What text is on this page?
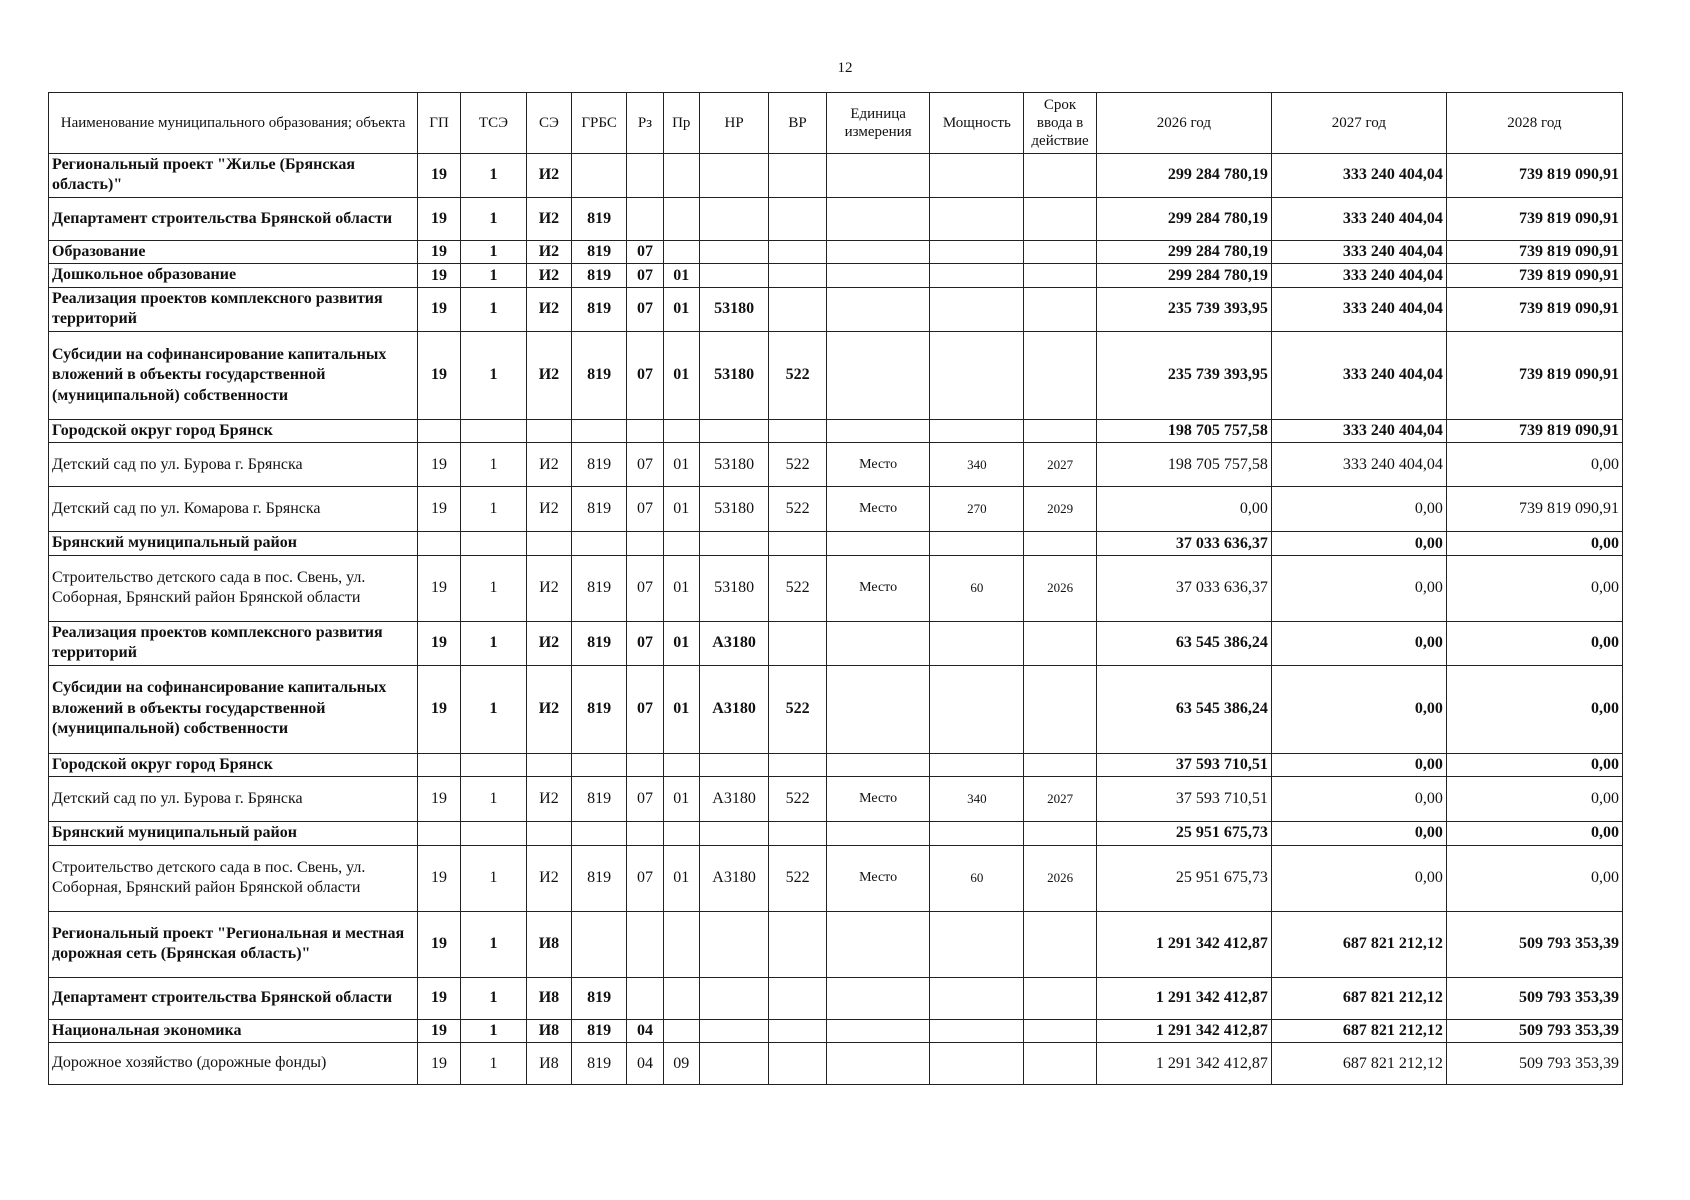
12
Наименование муниципального образования; объекта	ГП	ТСЭ	СЭ	ГРБС	Рз	Пр	НР	ВР	Единица измерения	Мощность	Срок ввода в действие	2026 год	2027 год	2028 год
Региональный проект "Жилье (Брянская область)"	19	1	И2									299 284 780,19	333 240 404,04	739 819 090,91
Департамент строительства Брянской области	19	1	И2	819								299 284 780,19	333 240 404,04	739 819 090,91
Образование	19	1	И2	819	07							299 284 780,19	333 240 404,04	739 819 090,91
Дошкольное образование	19	1	И2	819	07	01						299 284 780,19	333 240 404,04	739 819 090,91
Реализация проектов комплексного развития территорий	19	1	И2	819	07	01	53180					235 739 393,95	333 240 404,04	739 819 090,91
Субсидии на софинансирование капитальных вложений в объекты государственной (муниципальной) собственности	19	1	И2	819	07	01	53180	522				235 739 393,95	333 240 404,04	739 819 090,91
Городской округ город Брянск												198 705 757,58	333 240 404,04	739 819 090,91
Детский сад по ул. Бурова г. Брянска	19	1	И2	819	07	01	53180	522	Место	340	2027	198 705 757,58	333 240 404,04	0,00
Детский сад по ул. Комарова г. Брянска	19	1	И2	819	07	01	53180	522	Место	270	2029	0,00	0,00	739 819 090,91
Брянский муниципальный район												37 033 636,37	0,00	0,00
Строительство детского сада в пос. Свень, ул. Соборная, Брянский район Брянской области	19	1	И2	819	07	01	53180	522	Место	60	2026	37 033 636,37	0,00	0,00
Реализация проектов комплексного развития территорий	19	1	И2	819	07	01	А3180					63 545 386,24	0,00	0,00
Субсидии на софинансирование капитальных вложений в объекты государственной (муниципальной) собственности	19	1	И2	819	07	01	А3180	522				63 545 386,24	0,00	0,00
Городской округ город Брянск												37 593 710,51	0,00	0,00
Детский сад по ул. Бурова г. Брянска	19	1	И2	819	07	01	А3180	522	Место	340	2027	37 593 710,51	0,00	0,00
Брянский муниципальный район												25 951 675,73	0,00	0,00
Строительство детского сада в пос. Свень, ул. Соборная, Брянский район Брянской области	19	1	И2	819	07	01	А3180	522	Место	60	2026	25 951 675,73	0,00	0,00
Региональный проект "Региональная и местная дорожная сеть (Брянская область)"	19	1	И8									1 291 342 412,87	687 821 212,12	509 793 353,39
Департамент строительства Брянской области	19	1	И8	819								1 291 342 412,87	687 821 212,12	509 793 353,39
Национальная экономика	19	1	И8	819	04							1 291 342 412,87	687 821 212,12	509 793 353,39
Дорожное хозяйство (дорожные фонды)	19	1	И8	819	04	09						1 291 342 412,87	687 821 212,12	509 793 353,39
